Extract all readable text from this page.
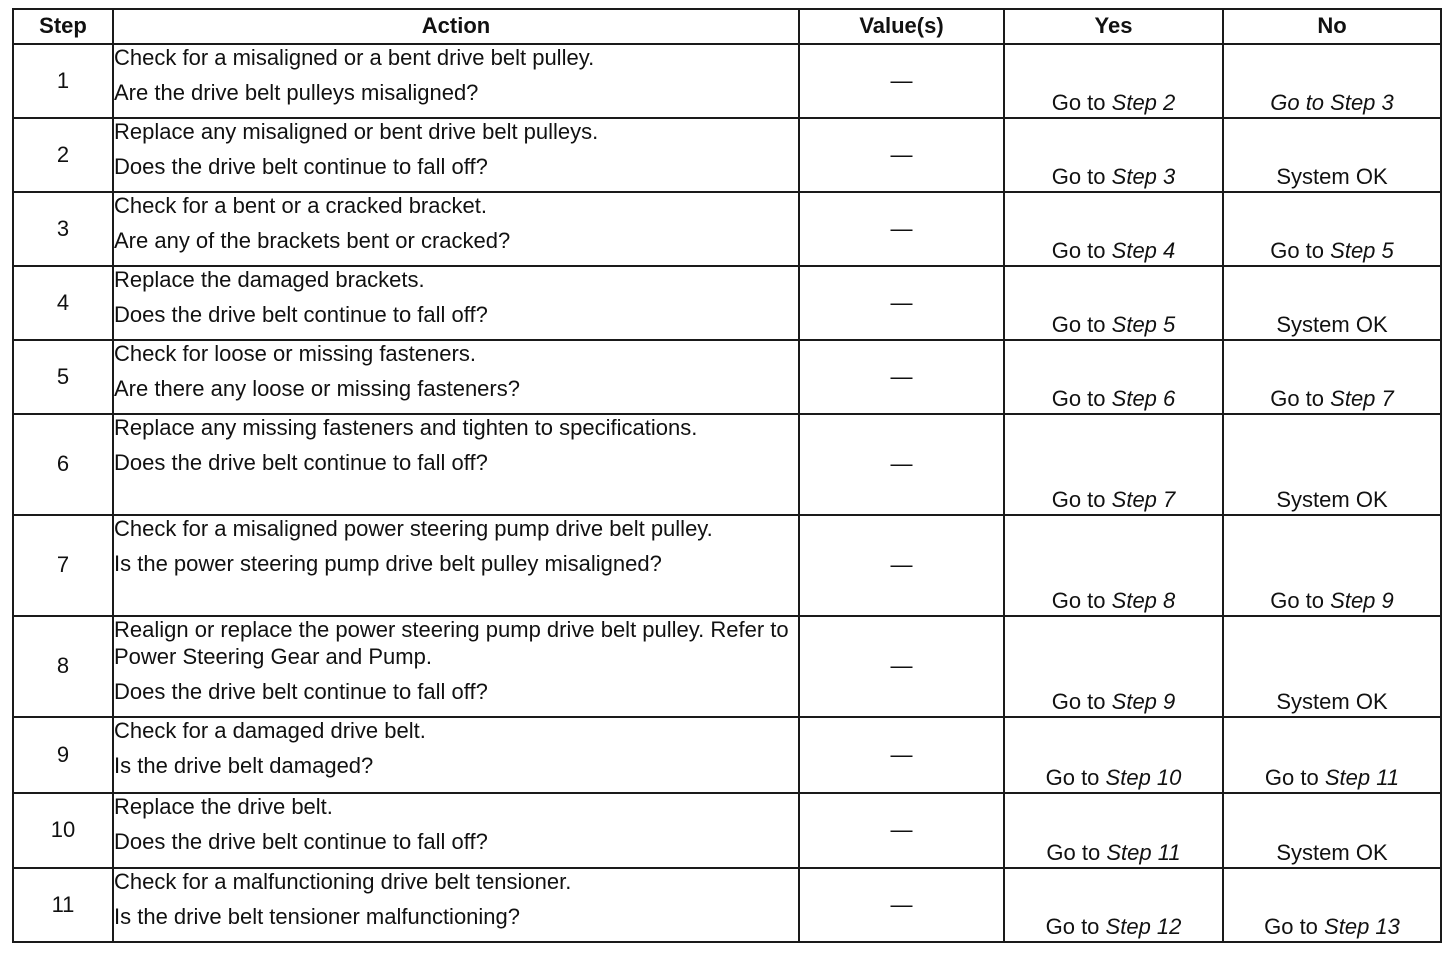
Step	Action	Value(s)	Yes	No
1	Check for a misaligned or a bent drive belt pulley.
Are the drive belt pulleys misaligned?	—	Go to Step 2	Go to Step 3
2	Replace any misaligned or bent drive belt pulleys.
Does the drive belt continue to fall off?	—	Go to Step 3	System OK
3	Check for a bent or a cracked bracket.
Are any of the brackets bent or cracked?	—	Go to Step 4	Go to Step 5
4	Replace the damaged brackets.
Does the drive belt continue to fall off?	—	Go to Step 5	System OK
5	Check for loose or missing fasteners.
Are there any loose or missing fasteners?	—	Go to Step 6	Go to Step 7
6	Replace any missing fasteners and tighten to specifications.
Does the drive belt continue to fall off?	—	Go to Step 7	System OK
7	Check for a misaligned power steering pump drive belt pulley.
Is the power steering pump drive belt pulley misaligned?	—	Go to Step 8	Go to Step 9
8	Realign or replace the power steering pump drive belt pulley. Refer to Power Steering Gear and Pump.
Does the drive belt continue to fall off?	—	Go to Step 9	System OK
9	Check for a damaged drive belt.
Is the drive belt damaged?	—	Go to Step 10	Go to Step 11
10	Replace the drive belt.
Does the drive belt continue to fall off?	—	Go to Step 11	System OK
11	Check for a malfunctioning drive belt tensioner.
Is the drive belt tensioner malfunctioning?	—	Go to Step 12	Go to Step 13
